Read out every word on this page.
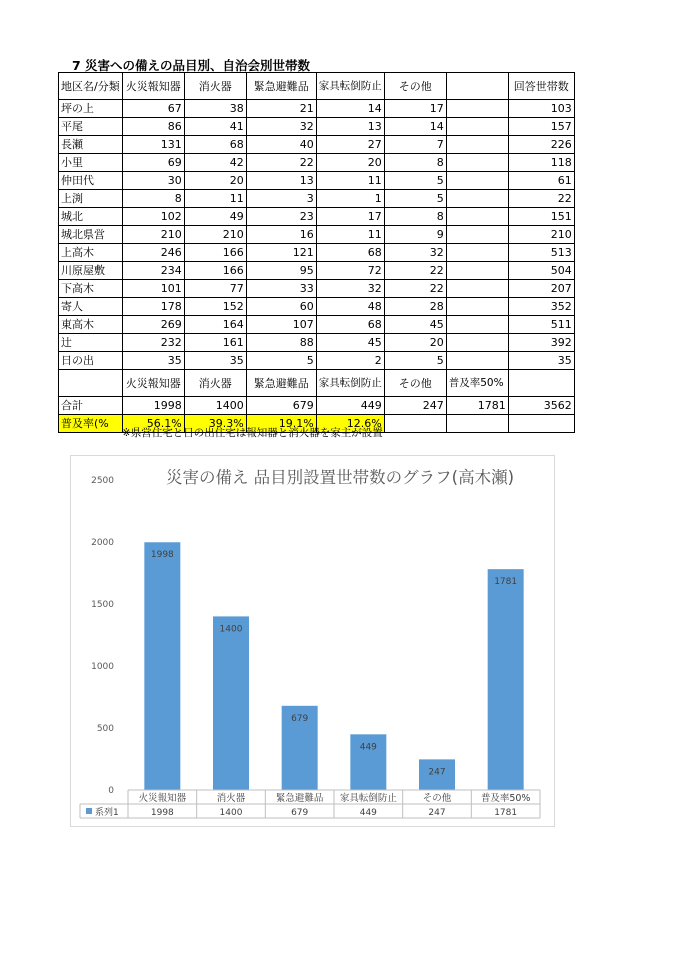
7 災害への備えの品目別、自治会別世帯数
地区名/分類	火災報知器	消火器	緊急避難品	家具転倒防止	その他		回答世帯数
坪の上	67	38	21	14	17		103
平尾	86	41	32	13	14		157
長瀬	131	68	40	27	7		226
小里	69	42	22	20	8		118
仲田代	30	20	13	11	5		61
上渕	8	11	3	1	5		22
城北	102	49	23	17	8		151
城北県営	210	210	16	11	9		210
上高木	246	166	121	68	32		513
川原屋敷	234	166	95	72	22		504
下高木	101	77	33	32	22		207
寄人	178	152	60	48	28		352
東高木	269	164	107	68	45		511
辻	232	161	88	45	20		392
日の出	35	35	5	2	5		35
	火災報知器	消火器	緊急避難品	家具転倒防止	その他	普及率50%	
合計	1998	1400	679	449	247	1781	3562
普及率(%	56.1%	39.3%	19.1%	12.6%			
※県営住宅と日の出住宅は報知器と消火器を家主が設置
災害の備え 品目別設置世帯数のグラフ(高木瀬)
0
500
1000
1500
2000
2500
1998
1400
679
449
247
1781
火災報知器	消火器	緊急避難品 家具転倒防止	その他	普及率50%
系列1	1998	1400	679	449	247	1781
